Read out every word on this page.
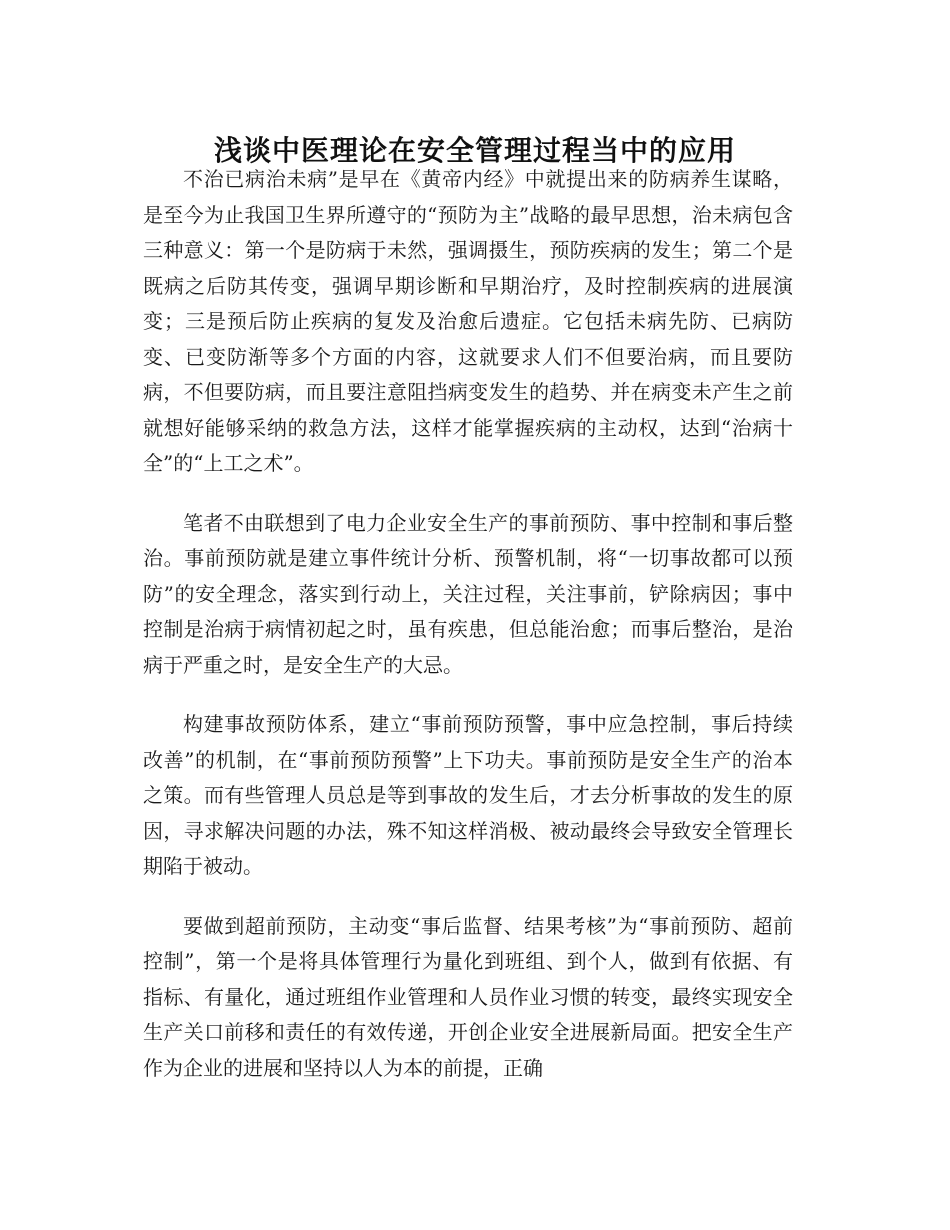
浅谈中医理论在安全管理过程当中的应用

不治已病治未病”是早在《黄帝内经》中就提出来的防病养生谋略，是至今为止我国卫生界所遵守的“预防为主”战略的最早思想，治未病包含三种意义：第一个是防病于未然，强调摄生，预防疾病的发生；第二个是既病之后防其传变，强调早期诊断和早期治疗，及时控制疾病的进展演变；三是预后防止疾病的复发及治愈后遗症。它包括未病先防、已病防变、已变防渐等多个方面的内容，这就要求人们不但要治病，而且要防病，不但要防病，而且要注意阻挡病变发生的趋势、并在病变未产生之前就想好能够采纳的救急方法，这样才能掌握疾病的主动权，达到“治病十全”的“上工之术”。

笔者不由联想到了电力企业安全生产的事前预防、事中控制和事后整治。事前预防就是建立事件统计分析、预警机制，将“一切事故都可以预防”的安全理念，落实到行动上，关注过程，关注事前，铲除病因；事中控制是治病于病情初起之时，虽有疾患，但总能治愈；而事后整治，是治病于严重之时，是安全生产的大忌。

构建事故预防体系，建立“事前预防预警，事中应急控制，事后持续改善”的机制，在“事前预防预警”上下功夫。事前预防是安全生产的治本之策。而有些管理人员总是等到事故的发生后，才去分析事故的发生的原因，寻求解决问题的办法，殊不知这样消极、被动最终会导致安全管理长期陷于被动。

要做到超前预防，主动变“事后监督、结果考核”为“事前预防、超前控制”，第一个是将具体管理行为量化到班组、到个人，做到有依据、有指标、有量化，通过班组作业管理和人员作业习惯的转变，最终实现安全生产关口前移和责任的有效传递，开创企业安全进展新局面。把安全生产作为企业的进展和坚持以人为本的前提，正确
